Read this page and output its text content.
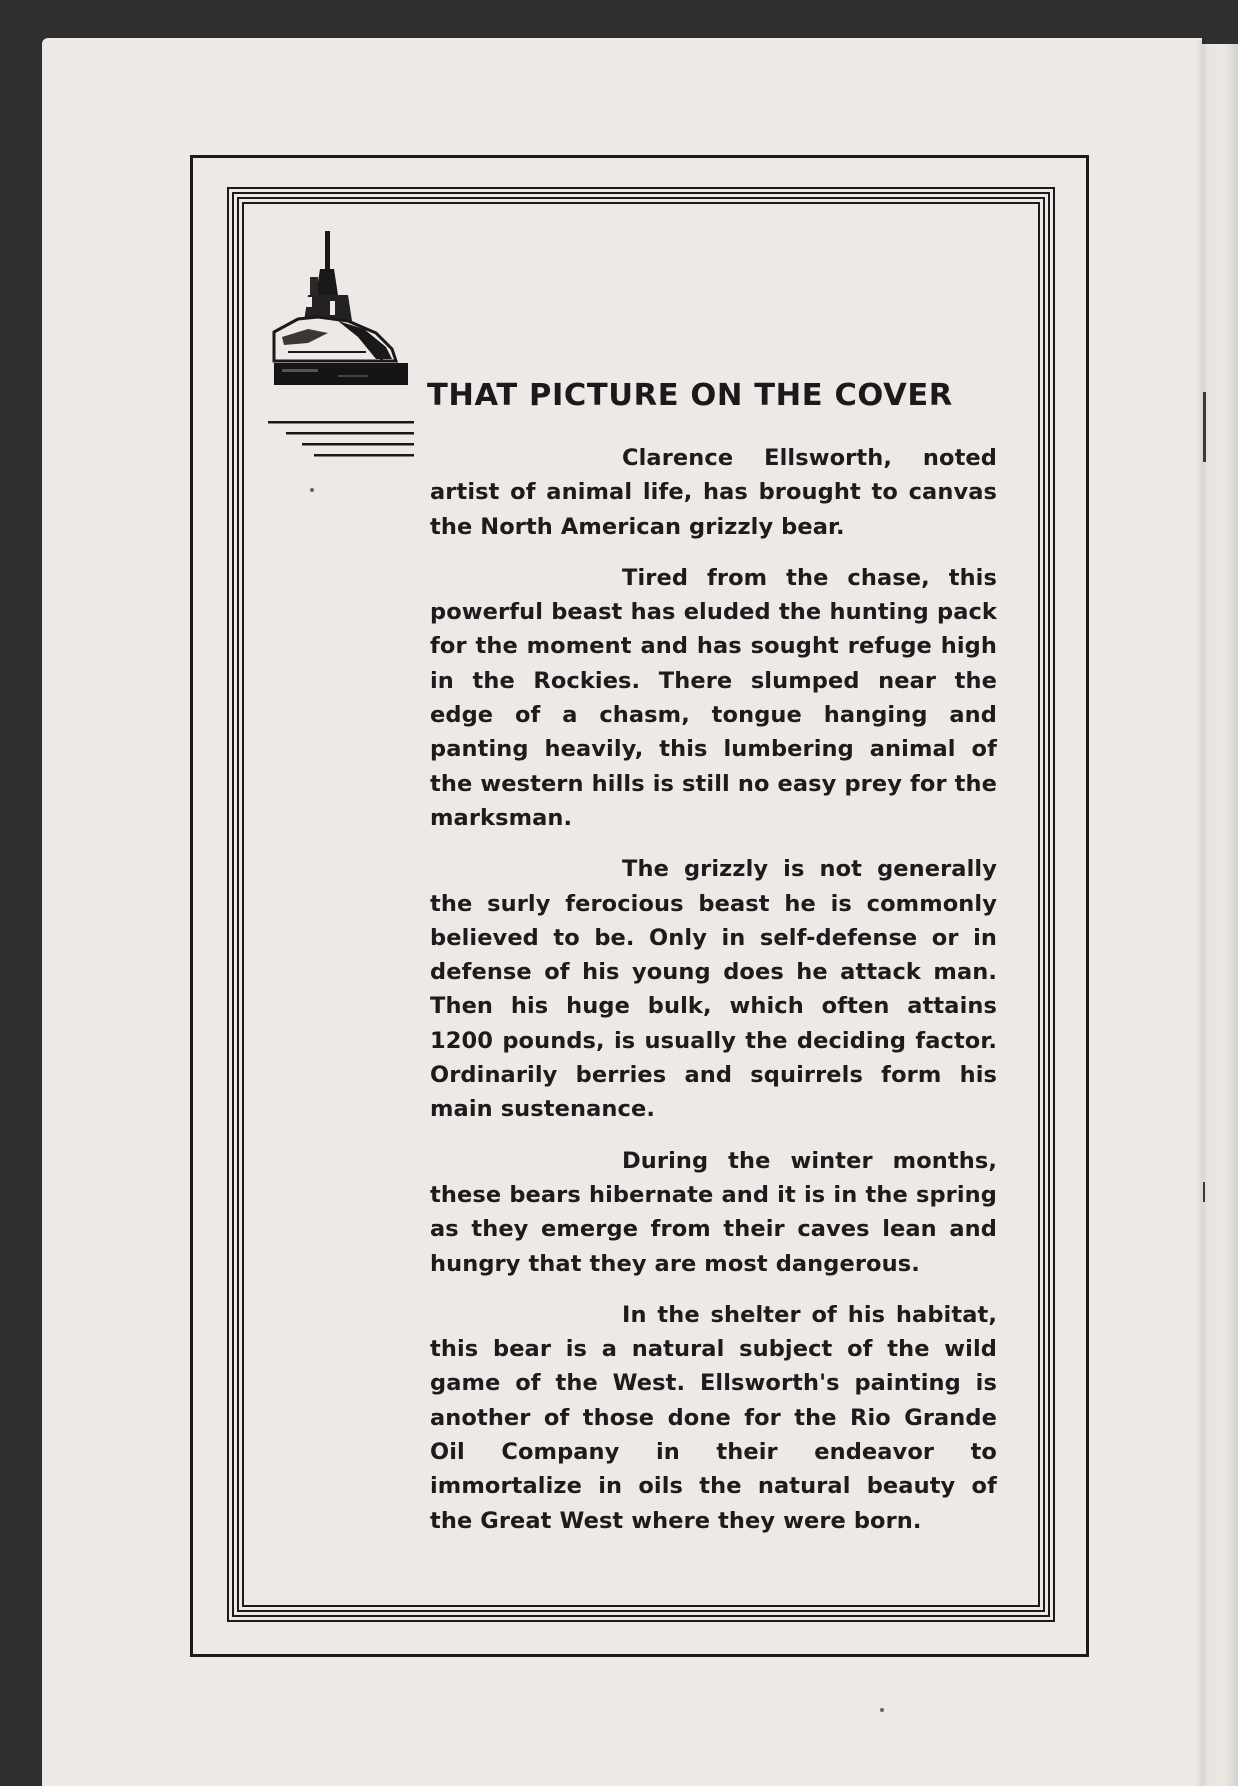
THAT PICTURE ON THE COVER

Clarence Ellsworth, noted artist of animal life, has brought to canvas the North American grizzly bear.

Tired from the chase, this powerful beast has eluded the hunting pack for the moment and has sought refuge high in the Rockies. There slumped near the edge of a chasm, tongue hanging and panting heavily, this lumbering animal of the western hills is still no easy prey for the marksman.

The grizzly is not generally the surly ferocious beast he is commonly believed to be. Only in self-defense or in defense of his young does he attack man. Then his huge bulk, which often attains 1200 pounds, is usually the deciding factor. Ordinarily berries and squirrels form his main sustenance.

During the winter months, these bears hibernate and it is in the spring as they emerge from their caves lean and hungry that they are most dangerous.

In the shelter of his habitat, this bear is a natural subject of the wild game of the West. Ellsworth's painting is another of those done for the Rio Grande Oil Company in their endeavor to immortalize in oils the natural beauty of the Great West where they were born.
